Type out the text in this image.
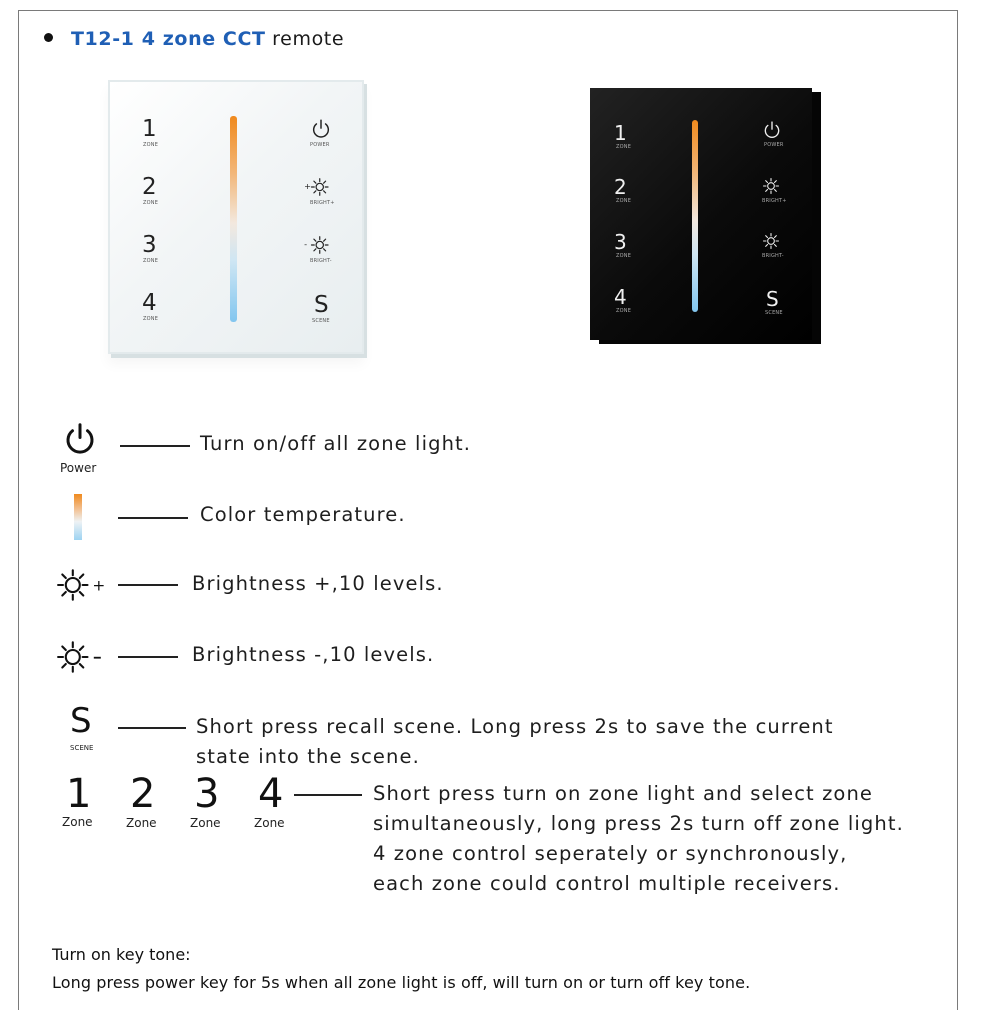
T12-1 4 zone CCT remote
1
ZONE
2
ZONE
3
ZONE
4
ZONE
POWER
+
BRIGHT+
-
BRIGHT-
S
SCENE
1
ZONE
2
ZONE
3
ZONE
4
ZONE
POWER
BRIGHT+
BRIGHT-
S
SCENE
Power
Turn on/off all zone light.
Color temperature.
+	Brightness +,10 levels.
Brightness -,10 levels.
S
SCENE
Short press recall scene. Long press 2s to save the current
state into the scene.
1
Zone
2
Zone
3
Zone
4
Zone
Short press turn on zone light and select zone
simultaneously, long press 2s turn off zone light.
4 zone control seperately or synchronously,
each zone could control multiple receivers.
Turn on key tone:
Long press power key for 5s when all zone light is off, will turn on or turn off key tone.
